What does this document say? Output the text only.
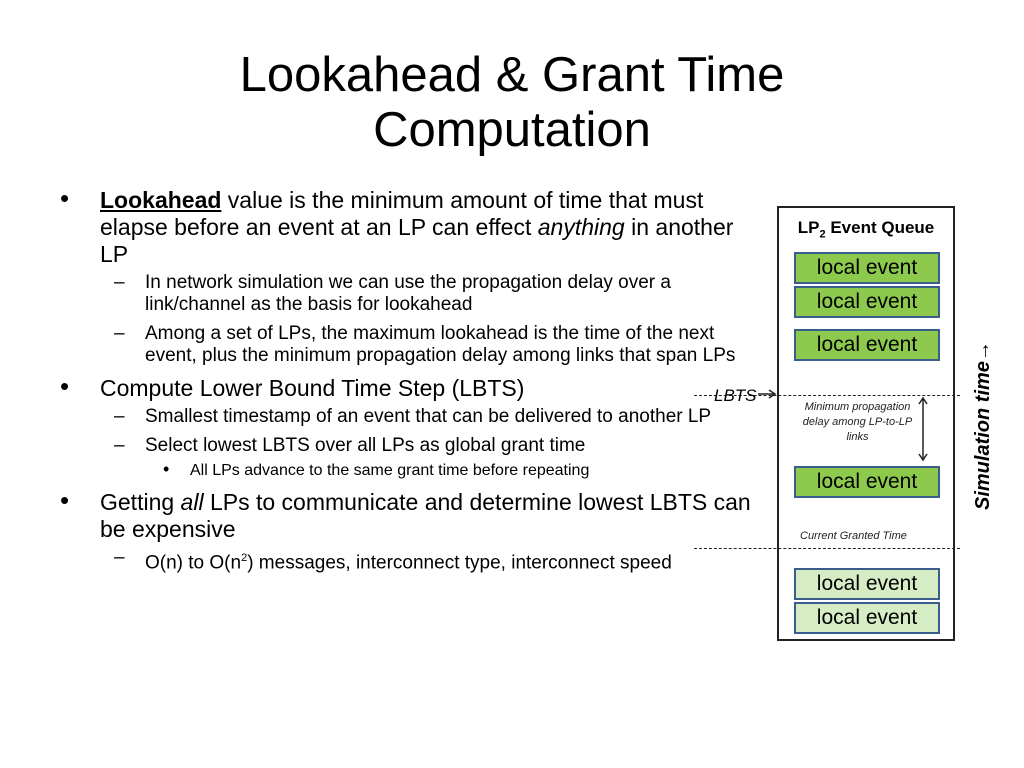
Lookahead & Grant Time
Computation
• Lookahead value is the minimum amount of time that must elapse before an event at an LP can effect anything in another LP
– In network simulation we can use the propagation delay over a link/channel as the basis for lookahead
– Among a set of LPs, the maximum lookahead is the time of the next event, plus the minimum propagation delay among links that span LPs
• Compute Lower Bound Time Step (LBTS)
– Smallest timestamp of an event that can be delivered to another LP
– Select lowest LBTS over all LPs as global grant time
• All LPs advance to the same grant time before repeating
• Getting all LPs to communicate and determine lowest LBTS can be expensive
– O(n) to $O(n^2)$ messages, interconnect type, interconnect speed
$LP_2$ Event Queue
local event
local event
local event
local event
local event
local event
LBTS
Minimum propagation delay among LP-to-LP links
Current Granted Time
Simulation time→
